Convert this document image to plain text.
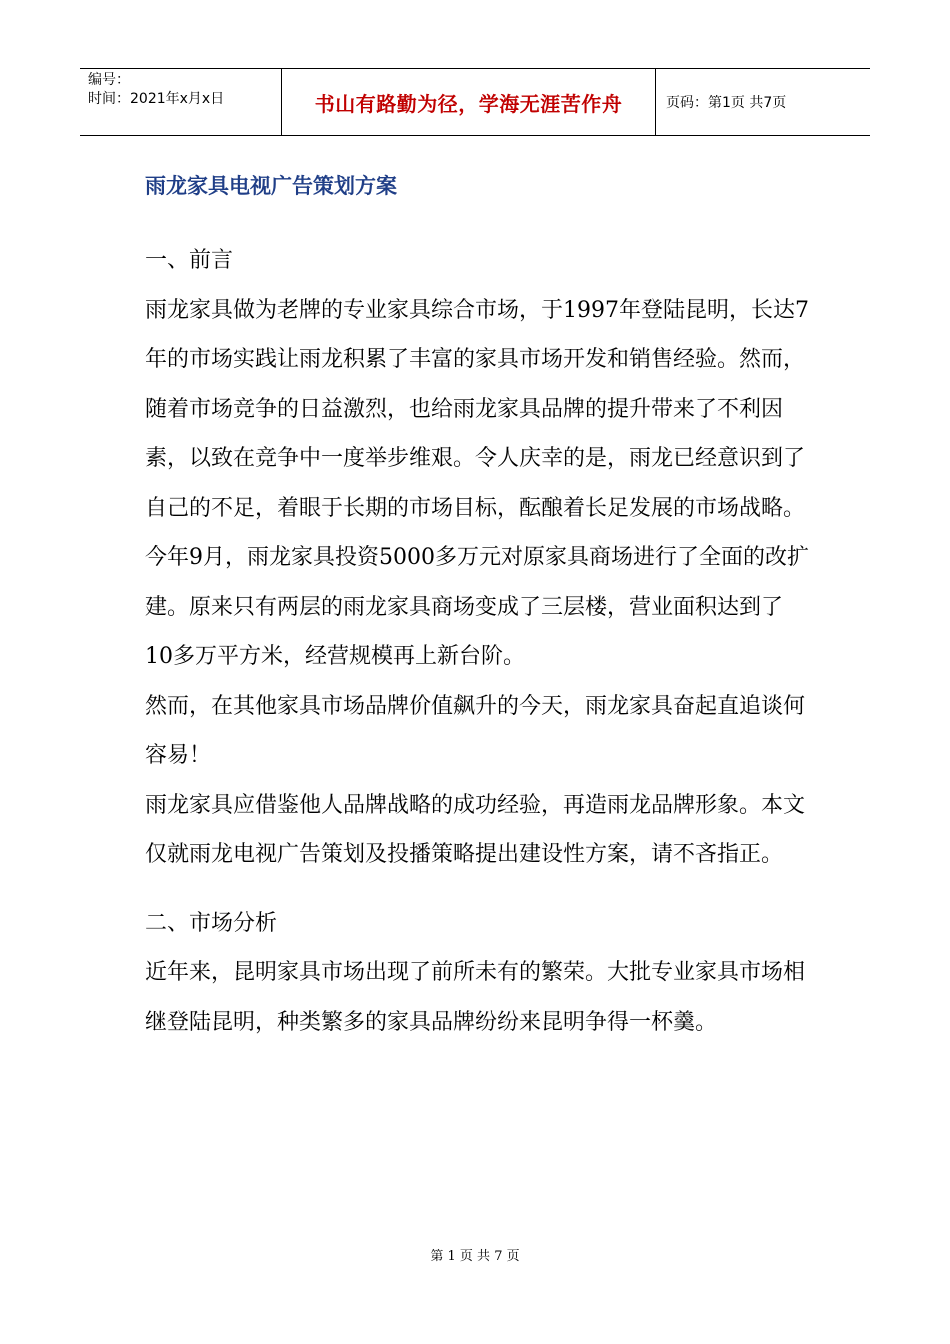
编号：
时间：2021年x月x日	书山有路勤为径，学海无涯苦作舟	页码：第1页 共7页
雨龙家具电视广告策划方案

一、前言

雨龙家具做为老牌的专业家具综合市场，于1997年登陆昆明，长达7年的市场实践让雨龙积累了丰富的家具市场开发和销售经验。然而，随着市场竞争的日益激烈，也给雨龙家具品牌的提升带来了不利因素，以致在竞争中一度举步维艰。令人庆幸的是，雨龙已经意识到了自己的不足，着眼于长期的市场目标，酝酿着长足发展的市场战略。今年9月，雨龙家具投资5000多万元对原家具商场进行了全面的改扩建。原来只有两层的雨龙家具商场变成了三层楼，营业面积达到了10多万平方米，经营规模再上新台阶。

然而，在其他家具市场品牌价值飙升的今天，雨龙家具奋起直追谈何容易！

雨龙家具应借鉴他人品牌战略的成功经验，再造雨龙品牌形象。本文仅就雨龙电视广告策划及投播策略提出建设性方案，请不吝指正。

二、市场分析

近年来，昆明家具市场出现了前所未有的繁荣。大批专业家具市场相继登陆昆明，种类繁多的家具品牌纷纷来昆明争得一杯羹。

第 1 页 共 7 页
